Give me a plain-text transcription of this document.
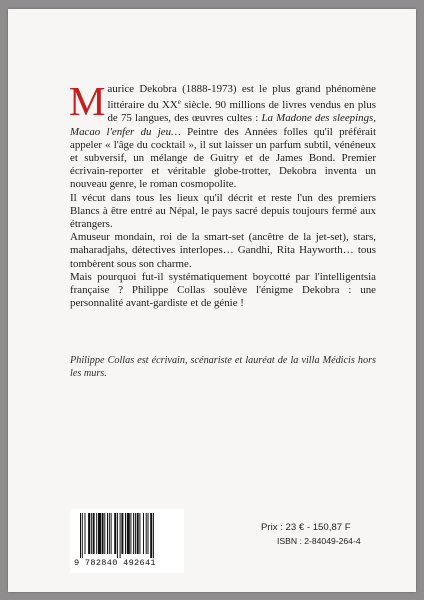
Maurice Dekobra (1888-1973) est le plus grand phénomène littéraire du XXe siècle. 90 millions de livres vendus en plus de 75 langues, des œuvres cultes : La Madone des sleepings, Macao l'enfer du jeu… Peintre des Années folles qu'il préférait appeler « l'âge du cocktail », il sut laisser un parfum subtil, vénéneux et subversif, un mélange de Guitry et de James Bond. Premier écrivain-reporter et véritable globe-trotter, Dekobra inventa un nouveau genre, le roman cosmopolite.

Il vécut dans tous les lieux qu'il décrit et reste l'un des premiers Blancs à être entré au Népal, le pays sacré depuis toujours fermé aux étrangers.

Amuseur mondain, roi de la smart-set (ancêtre de la jet-set), stars, maharadjahs, détectives interlopes… Gandhi, Rita Hayworth… tous tombèrent sous son charme.

Mais pourquoi fut-il systématiquement boycotté par l'intelligentsia française ? Philippe Collas soulève l'énigme Dekobra : une personnalité avant-gardiste et de génie !

Philippe Collas est écrivain, scénariste et lauréat de la villa Médicis hors les murs.

9 782840 492641
Prix : 23 € - 150,87 F
ISBN : 2-84049-264-4
